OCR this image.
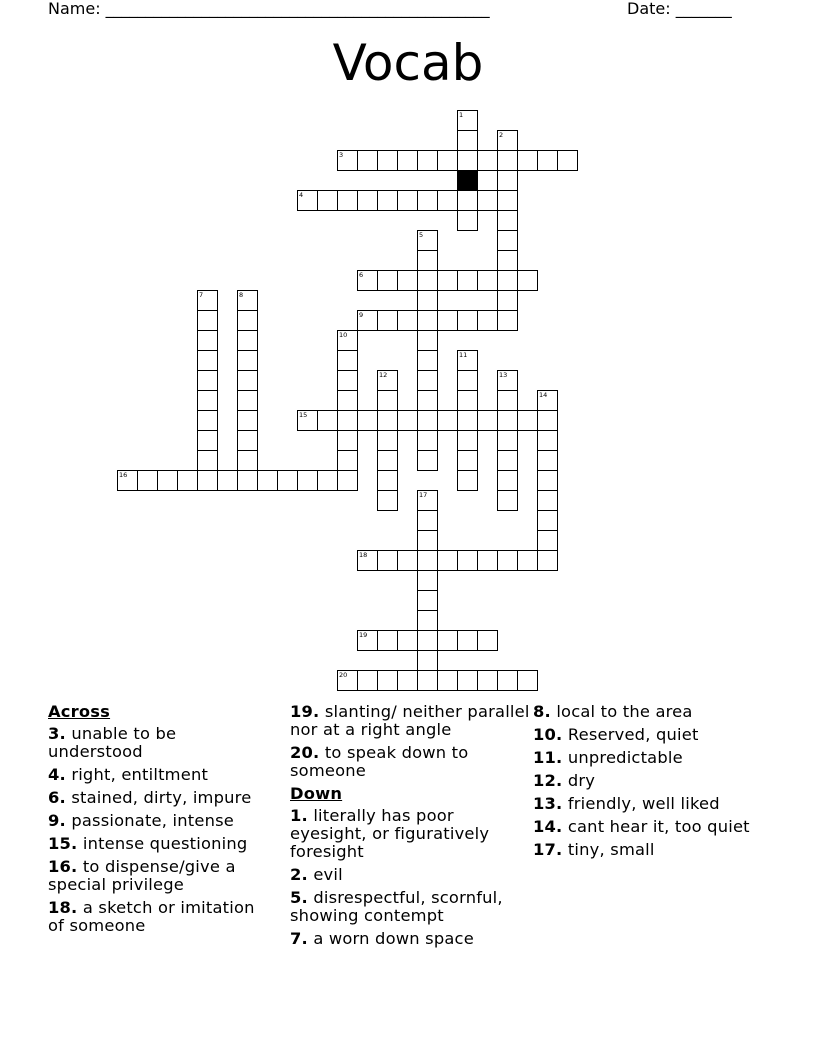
Name: ________________________________________________	Date: _______
Vocab
1
2
3
4
5
6
7	8
9
10
11
12	13
14
15
16
17
18
19
20
Across
3. unable to be understood
4. right, entiltment
6. stained, dirty, impure
9. passionate, intense
15. intense questioning
16. to dispense/give a special privilege
18. a sketch or imitation of someone
19. slanting/ neither parallel nor at a right angle
20. to speak down to someone
Down
1. literally has poor eyesight, or figuratively foresight
2. evil
5. disrespectful, scornful, showing contempt
7. a worn down space
8. local to the area
10. Reserved, quiet
11. unpredictable
12. dry
13. friendly, well liked
14. cant hear it, too quiet
17. tiny, small
